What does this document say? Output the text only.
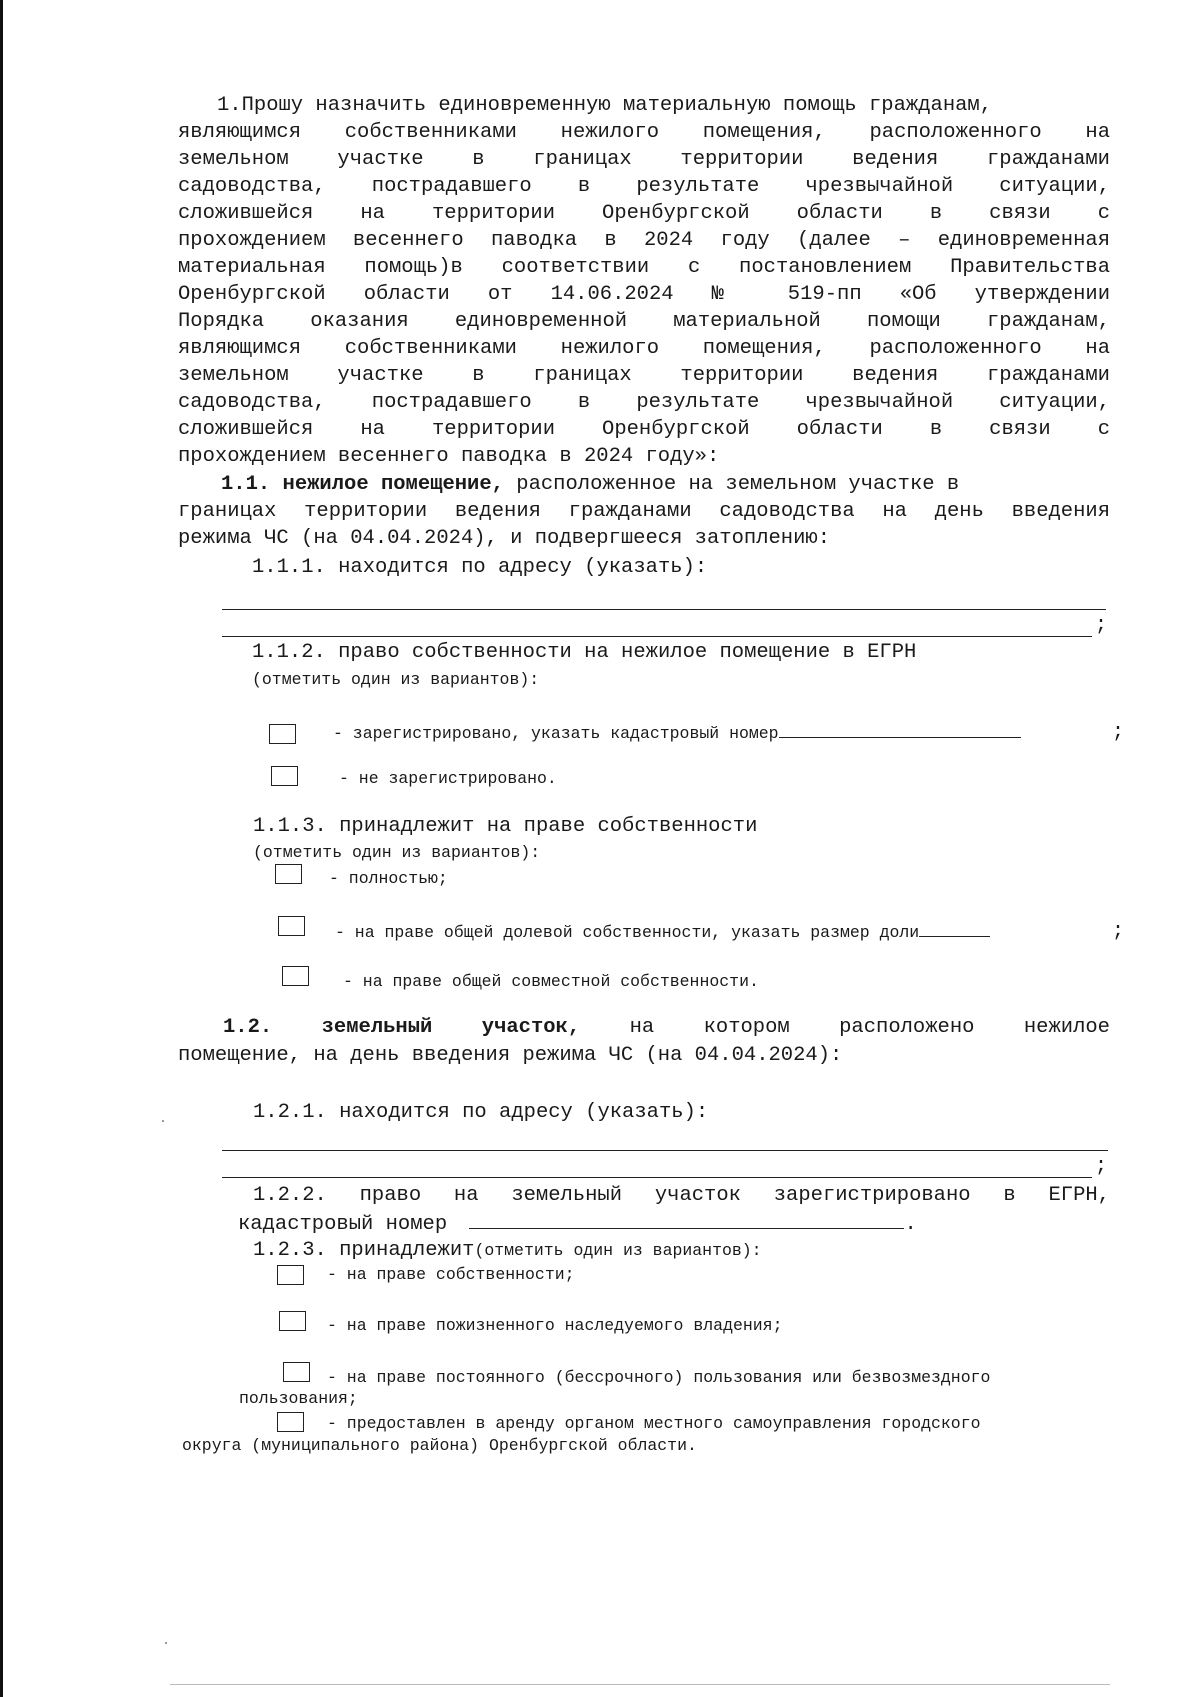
1.Прошу назначить единовременную материальную помощь гражданам,
являющимся собственниками нежилого помещения, расположенного на
земельном участке в границах территории ведения гражданами
садоводства, пострадавшего в результате чрезвычайной ситуации,
сложившейся на территории Оренбургской области в связи с
прохождением весеннего паводка в 2024 году (далее – единовременная
материальная помощь)в соответствии с постановлением Правительства
Оренбургской области от 14.06.2024 № 519-пп «Об утверждении
Порядка оказания единовременной материальной помощи гражданам,
являющимся собственниками нежилого помещения, расположенного на
земельном участке в границах территории ведения гражданами
садоводства, пострадавшего в результате чрезвычайной ситуации,
сложившейся на территории Оренбургской области в связи с
прохождением весеннего паводка в 2024 году»:
1.1. нежилое помещение, расположенное на земельном участке в
границах территории ведения гражданами садоводства на день введения
режима ЧС (на 04.04.2024), и подвергшееся затоплению:
1.1.1. находится по адресу (указать):
;
1.1.2. право собственности на нежилое помещение в ЕГРН
(отметить один из вариантов):
- зарегистрировано, указать кадастровый номер	;
- не зарегистрировано.
1.1.3. принадлежит на праве собственности
(отметить один из вариантов):
- полностью;
- на праве общей долевой собственности, указать размер доли	;
- на праве общей совместной собственности.
1.2. земельный участок, на котором расположено нежилое
помещение, на день введения режима ЧС (на 04.04.2024):
1.2.1. находится по адресу (указать):
;
1.2.2. право на земельный участок зарегистрировано в ЕГРН,
кадастровый номер	.
1.2.3. принадлежит(отметить один из вариантов):
- на праве собственности;
- на праве пожизненного наследуемого владения;
- на праве постоянного (бессрочного) пользования или безвозмездного
пользования;
- предоставлен в аренду органом местного самоуправления городского
округа (муниципального района) Оренбургской области.
